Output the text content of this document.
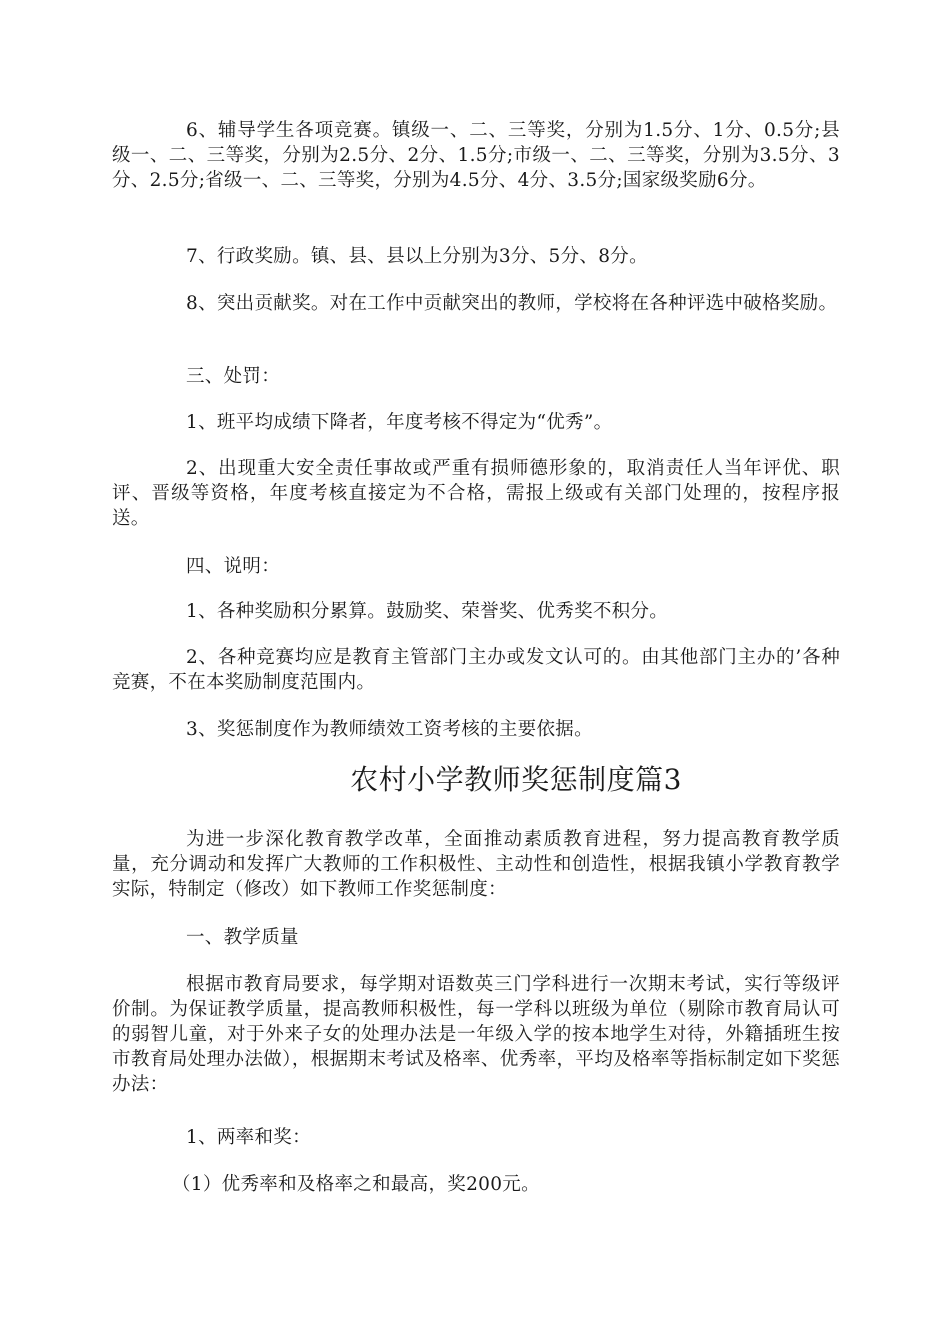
6、辅导学生各项竞赛。镇级一、二、三等奖，分别为1.5分、1分、0.5分;县级一、二、三等奖，分别为2.5分、2分、1.5分;市级一、二、三等奖，分别为3.5分、3分、2.5分;省级一、二、三等奖，分别为4.5分、4分、3.5分;国家级奖励6分。

7、行政奖励。镇、县、县以上分别为3分、5分、8分。

8、突出贡献奖。对在工作中贡献突出的教师，学校将在各种评选中破格奖励。

三、处罚：

1、班平均成绩下降者，年度考核不得定为“优秀”。

2、出现重大安全责任事故或严重有损师德形象的，取消责任人当年评优、职评、晋级等资格，年度考核直接定为不合格，需报上级或有关部门处理的，按程序报送。

四、说明：

1、各种奖励积分累算。鼓励奖、荣誉奖、优秀奖不积分。

2、各种竞赛均应是教育主管部门主办或发文认可的。由其他部门主办的’各种竞赛，不在本奖励制度范围内。

3、奖惩制度作为教师绩效工资考核的主要依据。

农村小学教师奖惩制度篇3

为进一步深化教育教学改革，全面推动素质教育进程，努力提高教育教学质量，充分调动和发挥广大教师的工作积极性、主动性和创造性，根据我镇小学教育教学实际，特制定（修改）如下教师工作奖惩制度：

一、教学质量

根据市教育局要求，每学期对语数英三门学科进行一次期末考试，实行等级评价制。为保证教学质量，提高教师积极性，每一学科以班级为单位（剔除市教育局认可的弱智儿童，对于外来子女的处理办法是一年级入学的按本地学生对待，外籍插班生按市教育局处理办法做），根据期末考试及格率、优秀率，平均及格率等指标制定如下奖惩办法：

1、两率和奖：

（1）优秀率和及格率之和最高，奖200元。
